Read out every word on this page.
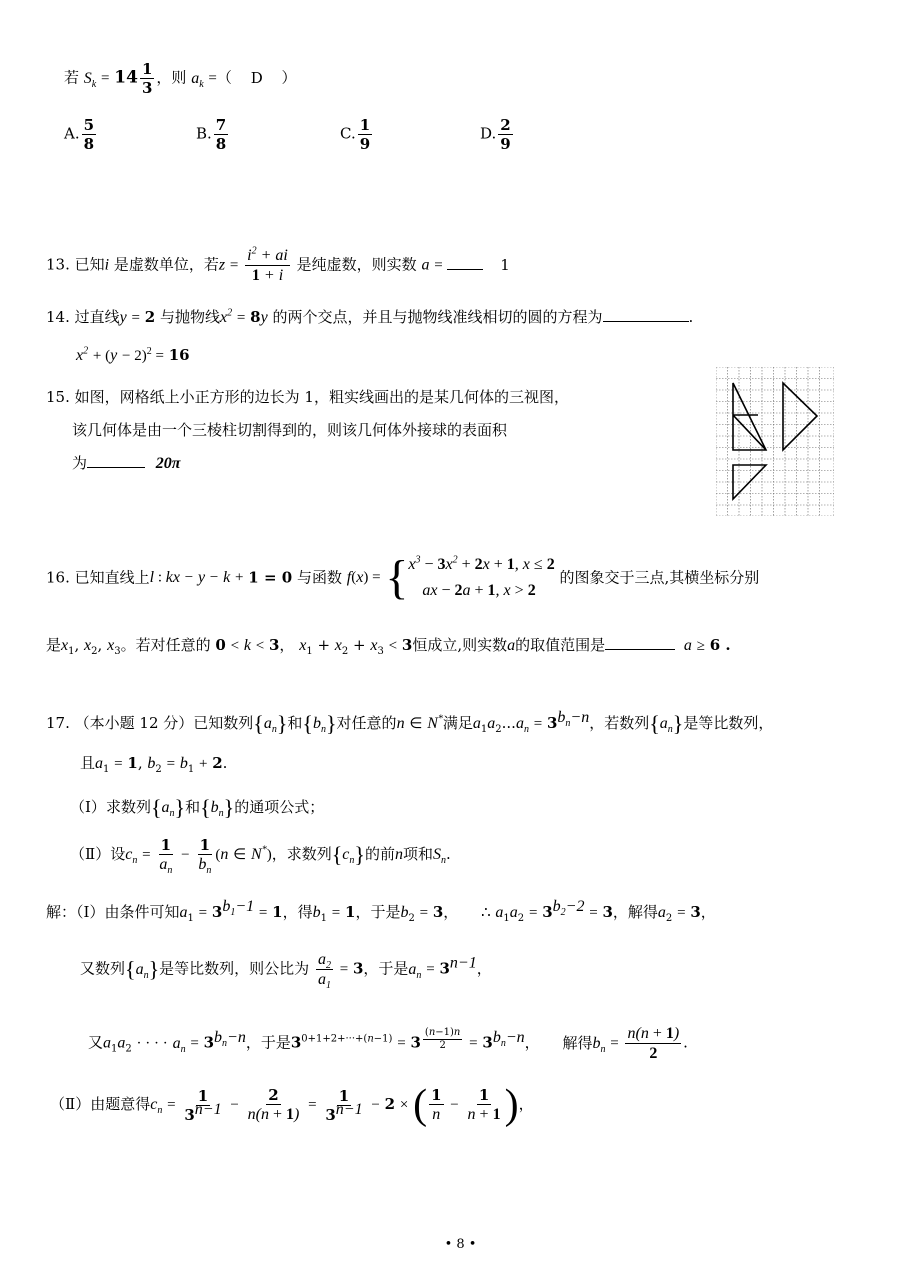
若 $S_k = 14 \frac{1}{3}$ ，则 $a_k$ =（ D ）
A. $\frac{5}{8}$	B. $\frac{7}{8}$	C. $\frac{1}{9}$	D. $\frac{2}{9}$
13. 已知i 是虚数单位，若$z = \frac{i^2 + ai}{1 + i}$ 是纯虚数，则实数 a =	1
14. 过直线y = 2 与抛物线$x^2 = 8y$ 的两个交点，并且与抛物线准线相切的圆的方程为	.
$x^2 + (y - 2)^2 = 16$
15. 如图，网格纸上小正方形的边长为 1，粗实线画出的是某几何体的三视图，
该几何体是由一个三棱柱切割得到的，则该几何体外接球的表面积
为	20π
16. 已知直线上l : kx − y − k + 1 = 0 与函数 f(x) = { $x^3 - 3x^2 + 2x + 1$, x ≤ 2
ax − 2a + 1, x > 2
的图象交于三点,其横坐标分别
是$x_1$, $x_2$, $x_3$。若对任意的 0 < k < 3， $x_1 + x_2 + x_3 < 3$恒成立,则实数a的取值范围是	a ≥ 6 .
17. （本小题 12 分）已知数列$\{a_n\}$和$\{b_n\}$对任意的n ∈ N*满足$a_1a_2...a_n = 3^{b_n-n}$，若数列$\{a_n\}$是等比数列，
且$a_1 = 1$, $b_2 = b_1 + 2$.
（Ⅰ）求数列$\{a_n\}$和$\{b_n\}$的通项公式；
（Ⅱ）设$c_n = \frac{1}{a_n} - \frac{1}{b_n} (n$ ∈ N*)，求数列$\{c_n\}$的前n项和$S_n$.
解：（Ⅰ）由条件可知$a_1 = 3^{b_1-1} = 1$，得$b_1 = 1$，于是$b_2 = 3$， ∴ $a_1a_2 = 3^{b_2-2} = 3$，解得$a_2 = 3$，
又数列$\{a_n\}$是等比数列，则公比为 $\frac{a_2}{a_1} = 3$，于是$a_n = 3^{n-1}$，
又$a_1a_2$ · · · · $a_n = 3^{b_n-n}$，于是$3^{0+1+2+\cdot\cdot\cdot+(n-1)} = 3$ $^{\frac{(n-1)n}{2}} = 3^{b_n-n}$， 解得$b_n = \frac{n(n + 1)}{2}$ .
（Ⅱ）由题意得$c_n = \frac{1}{3^{n-1}} - \frac{2}{n(n + 1)} = \frac{1}{3^{n-1}} - 2$ × ( $\frac{1}{n} - \frac{1}{n + 1}$ )，
• 8 •
